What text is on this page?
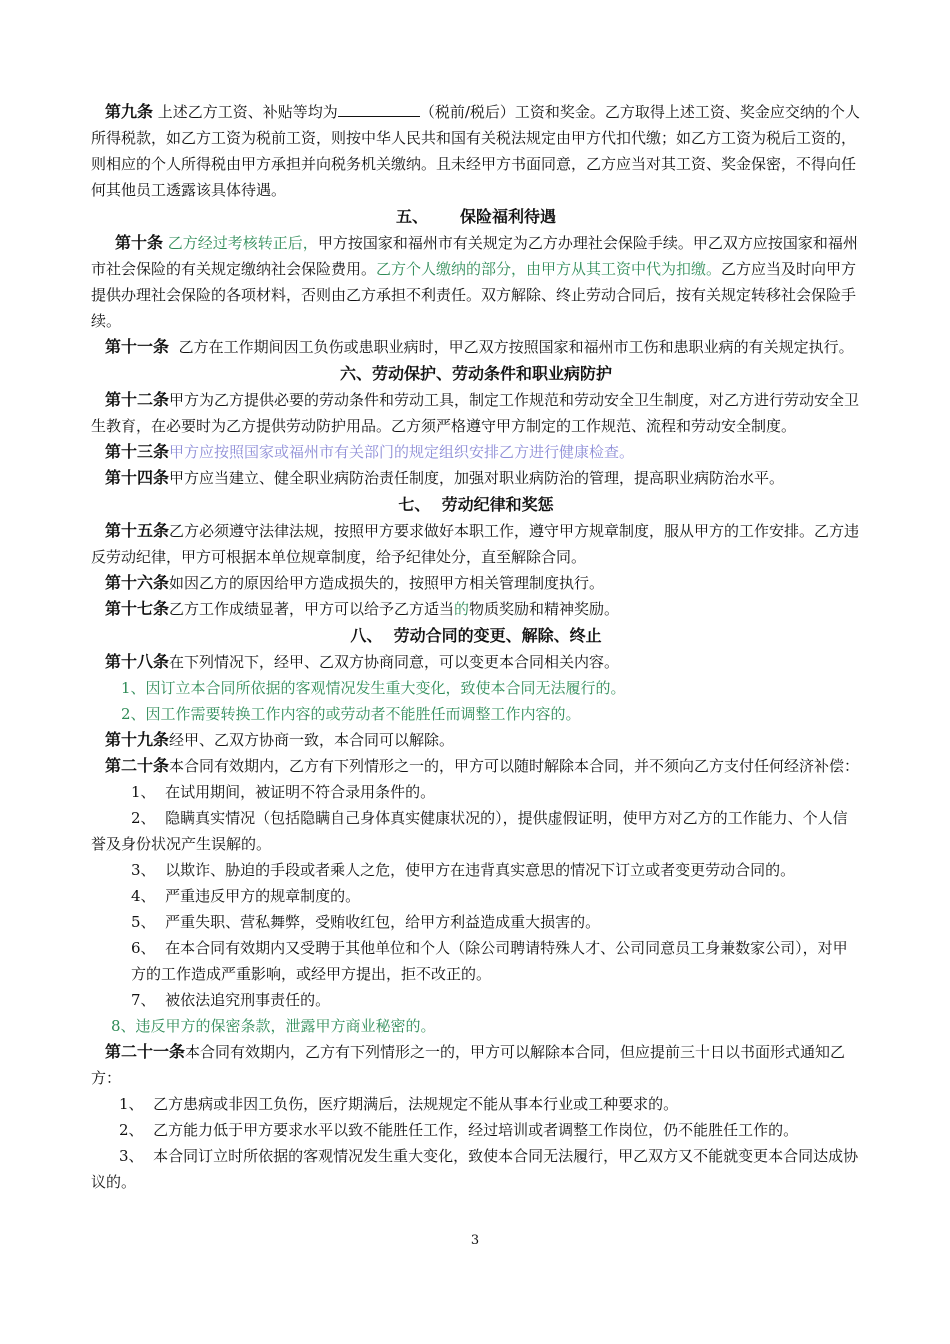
第九条 上述乙方工资、补贴等均为	（税前/税后）工资和奖金。乙方取得上述工资、奖金应交纳的个人所得税款，如乙方工资为税前工资，则按中华人民共和国有关税法规定由甲方代扣代缴；如乙方工资为税后工资的，则相应的个人所得税由甲方承担并向税务机关缴纳。且未经甲方书面同意，乙方应当对其工资、奖金保密，不得向任何其他员工透露该具体待遇。

五、 保险福利待遇

第十条 乙方经过考核转正后，甲方按国家和福州市有关规定为乙方办理社会保险手续。甲乙双方应按国家和福州市社会保险的有关规定缴纳社会保险费用。乙方个人缴纳的部分，由甲方从其工资中代为扣缴。乙方应当及时向甲方提供办理社会保险的各项材料，否则由乙方承担不利责任。双方解除、终止劳动合同后，按有关规定转移社会保险手续。

第十一条 乙方在工作期间因工负伤或患职业病时，甲乙双方按照国家和福州市工伤和患职业病的有关规定执行。

六、劳动保护、劳动条件和职业病防护

第十二条甲方为乙方提供必要的劳动条件和劳动工具，制定工作规范和劳动安全卫生制度，对乙方进行劳动安全卫生教育，在必要时为乙方提供劳动防护用品。乙方须严格遵守甲方制定的工作规范、流程和劳动安全制度。

第十三条甲方应按照国家或福州市有关部门的规定组织安排乙方进行健康检查。

第十四条甲方应当建立、健全职业病防治责任制度，加强对职业病防治的管理，提高职业病防治水平。

七、 劳动纪律和奖惩

第十五条乙方必须遵守法律法规，按照甲方要求做好本职工作，遵守甲方规章制度，服从甲方的工作安排。乙方违反劳动纪律，甲方可根据本单位规章制度，给予纪律处分，直至解除合同。

第十六条如因乙方的原因给甲方造成损失的，按照甲方相关管理制度执行。

第十七条乙方工作成绩显著，甲方可以给予乙方适当的物质奖励和精神奖励。

八、 劳动合同的变更、解除、终止

第十八条在下列情况下，经甲、乙双方协商同意，可以变更本合同相关内容。

1、因订立本合同所依据的客观情况发生重大变化，致使本合同无法履行的。

2、因工作需要转换工作内容的或劳动者不能胜任而调整工作内容的。

第十九条经甲、乙双方协商一致，本合同可以解除。

第二十条本合同有效期内，乙方有下列情形之一的，甲方可以随时解除本合同，并不须向乙方支付任何经济补偿：

1、 在试用期间，被证明不符合录用条件的。

2、 隐瞒真实情况（包括隐瞒自己身体真实健康状况的），提供虚假证明，使甲方对乙方的工作能力、个人信誉及身份状况产生误解的。

3、 以欺诈、胁迫的手段或者乘人之危，使甲方在违背真实意思的情况下订立或者变更劳动合同的。

4、 严重违反甲方的规章制度的。

5、 严重失职、营私舞弊，受贿收红包，给甲方利益造成重大损害的。

6、 在本合同有效期内又受聘于其他单位和个人（除公司聘请特殊人才、公司同意员工身兼数家公司），对甲方的工作造成严重影响，或经甲方提出，拒不改正的。

7、 被依法追究刑事责任的。

8、违反甲方的保密条款，泄露甲方商业秘密的。

第二十一条本合同有效期内，乙方有下列情形之一的，甲方可以解除本合同，但应提前三十日以书面形式通知乙方：

1、 乙方患病或非因工负伤，医疗期满后，法规规定不能从事本行业或工种要求的。

2、 乙方能力低于甲方要求水平以致不能胜任工作，经过培训或者调整工作岗位，仍不能胜任工作的。

3、 本合同订立时所依据的客观情况发生重大变化，致使本合同无法履行，甲乙双方又不能就变更本合同达成协议的。

3
